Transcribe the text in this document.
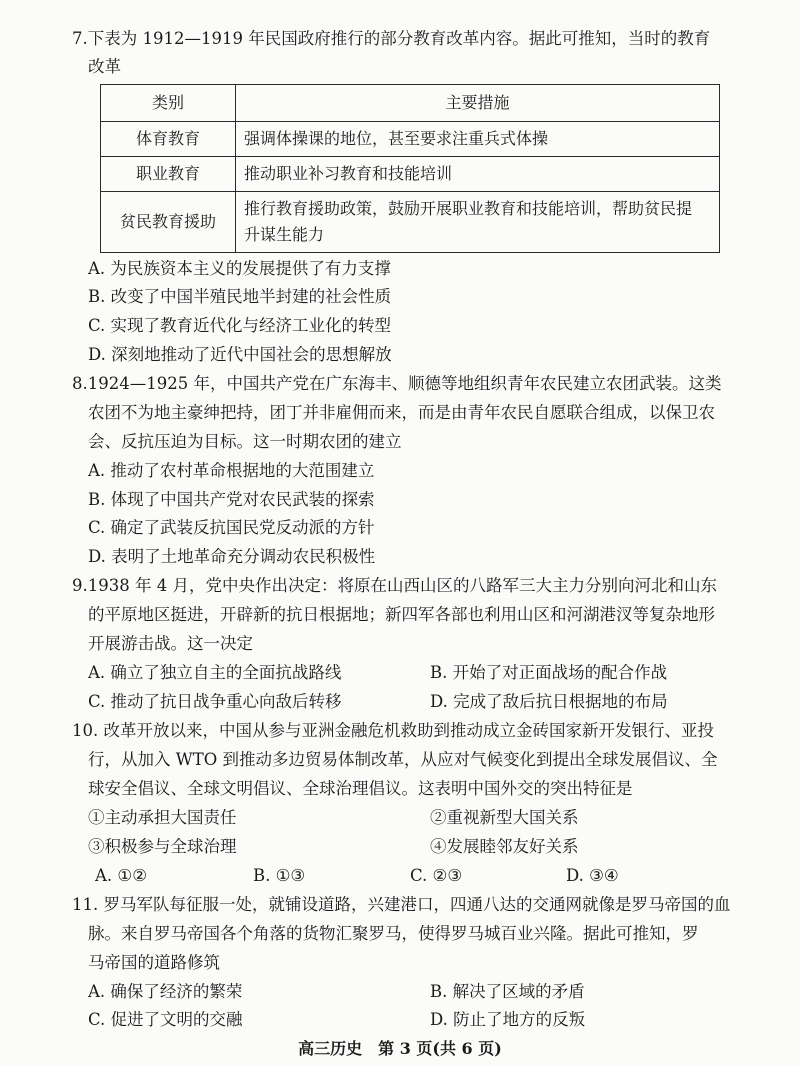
7.下表为 1912—1919 年民国政府推行的部分教育改革内容。据此可推知，当时的教育
改革
类别	主要措施
体育教育	强调体操课的地位，甚至要求注重兵式体操
职业教育	推动职业补习教育和技能培训
贫民教育援助	推行教育援助政策，鼓励开展职业教育和技能培训，帮助贫民提
升谋生能力
A. 为民族资本主义的发展提供了有力支撑
B. 改变了中国半殖民地半封建的社会性质
C. 实现了教育近代化与经济工业化的转型
D. 深刻地推动了近代中国社会的思想解放
8.1924—1925 年，中国共产党在广东海丰、顺德等地组织青年农民建立农团武装。这类
农团不为地主豪绅把持，团丁并非雇佣而来，而是由青年农民自愿联合组成，以保卫农
会、反抗压迫为目标。这一时期农团的建立
A. 推动了农村革命根据地的大范围建立
B. 体现了中国共产党对农民武装的探索
C. 确定了武装反抗国民党反动派的方针
D. 表明了土地革命充分调动农民积极性
9.1938 年 4 月，党中央作出决定：将原在山西山区的八路军三大主力分别向河北和山东
的平原地区挺进，开辟新的抗日根据地；新四军各部也利用山区和河湖港汊等复杂地形
开展游击战。这一决定
A. 确立了独立自主的全面抗战路线	B. 开始了对正面战场的配合作战
C. 推动了抗日战争重心向敌后转移	D. 完成了敌后抗日根据地的布局
10. 改革开放以来，中国从参与亚洲金融危机救助到推动成立金砖国家新开发银行、亚投
行，从加入 WTO 到推动多边贸易体制改革，从应对气候变化到提出全球发展倡议、全
球安全倡议、全球文明倡议、全球治理倡议。这表明中国外交的突出特征是
①主动承担大国责任	②重视新型大国关系
③积极参与全球治理	④发展睦邻友好关系
A. ①②	B. ①③	C. ②③	D. ③④
11. 罗马军队每征服一处，就铺设道路，兴建港口，四通八达的交通网就像是罗马帝国的血
脉。来自罗马帝国各个角落的货物汇聚罗马，使得罗马城百业兴隆。据此可推知，罗
马帝国的道路修筑
A. 确保了经济的繁荣	B. 解决了区域的矛盾
C. 促进了文明的交融	D. 防止了地方的反叛
高三历史　第 3 页(共 6 页)
